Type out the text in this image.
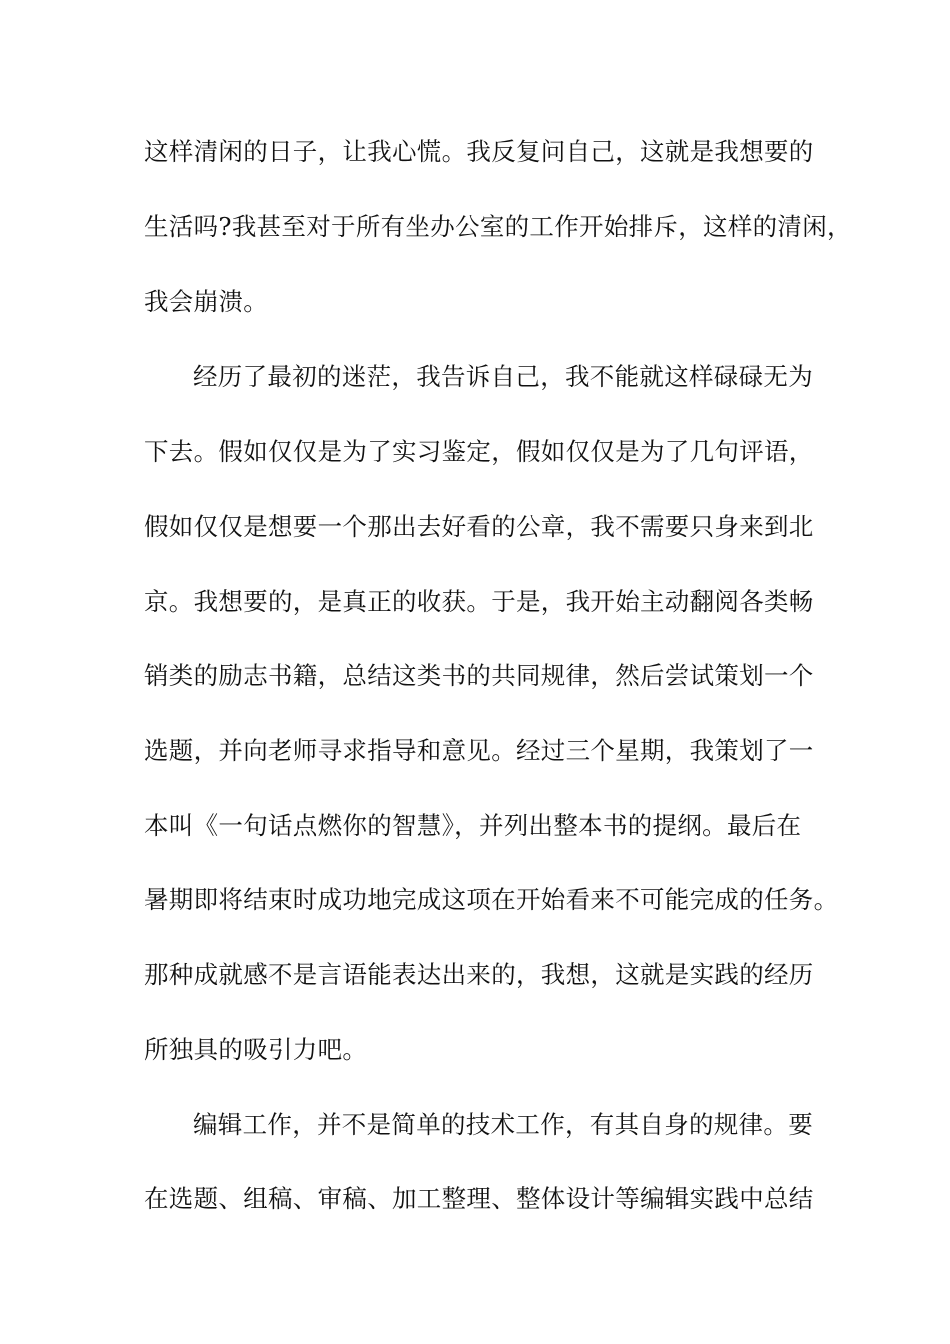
这样清闲的日子，让我心慌。我反复问自己，这就是我想要的
生活吗?我甚至对于所有坐办公室的工作开始排斥，这样的清闲，
我会崩溃。
经历了最初的迷茫，我告诉自己，我不能就这样碌碌无为
下去。假如仅仅是为了实习鉴定，假如仅仅是为了几句评语，
假如仅仅是想要一个那出去好看的公章，我不需要只身来到北
京。我想要的，是真正的收获。于是，我开始主动翻阅各类畅
销类的励志书籍，总结这类书的共同规律，然后尝试策划一个
选题，并向老师寻求指导和意见。经过三个星期，我策划了一
本叫《一句话点燃你的智慧》，并列出整本书的提纲。最后在
暑期即将结束时成功地完成这项在开始看来不可能完成的任务。
那种成就感不是言语能表达出来的，我想，这就是实践的经历
所独具的吸引力吧。
编辑工作，并不是简单的技术工作，有其自身的规律。要
在选题、组稿、审稿、加工整理、整体设计等编辑实践中总结
